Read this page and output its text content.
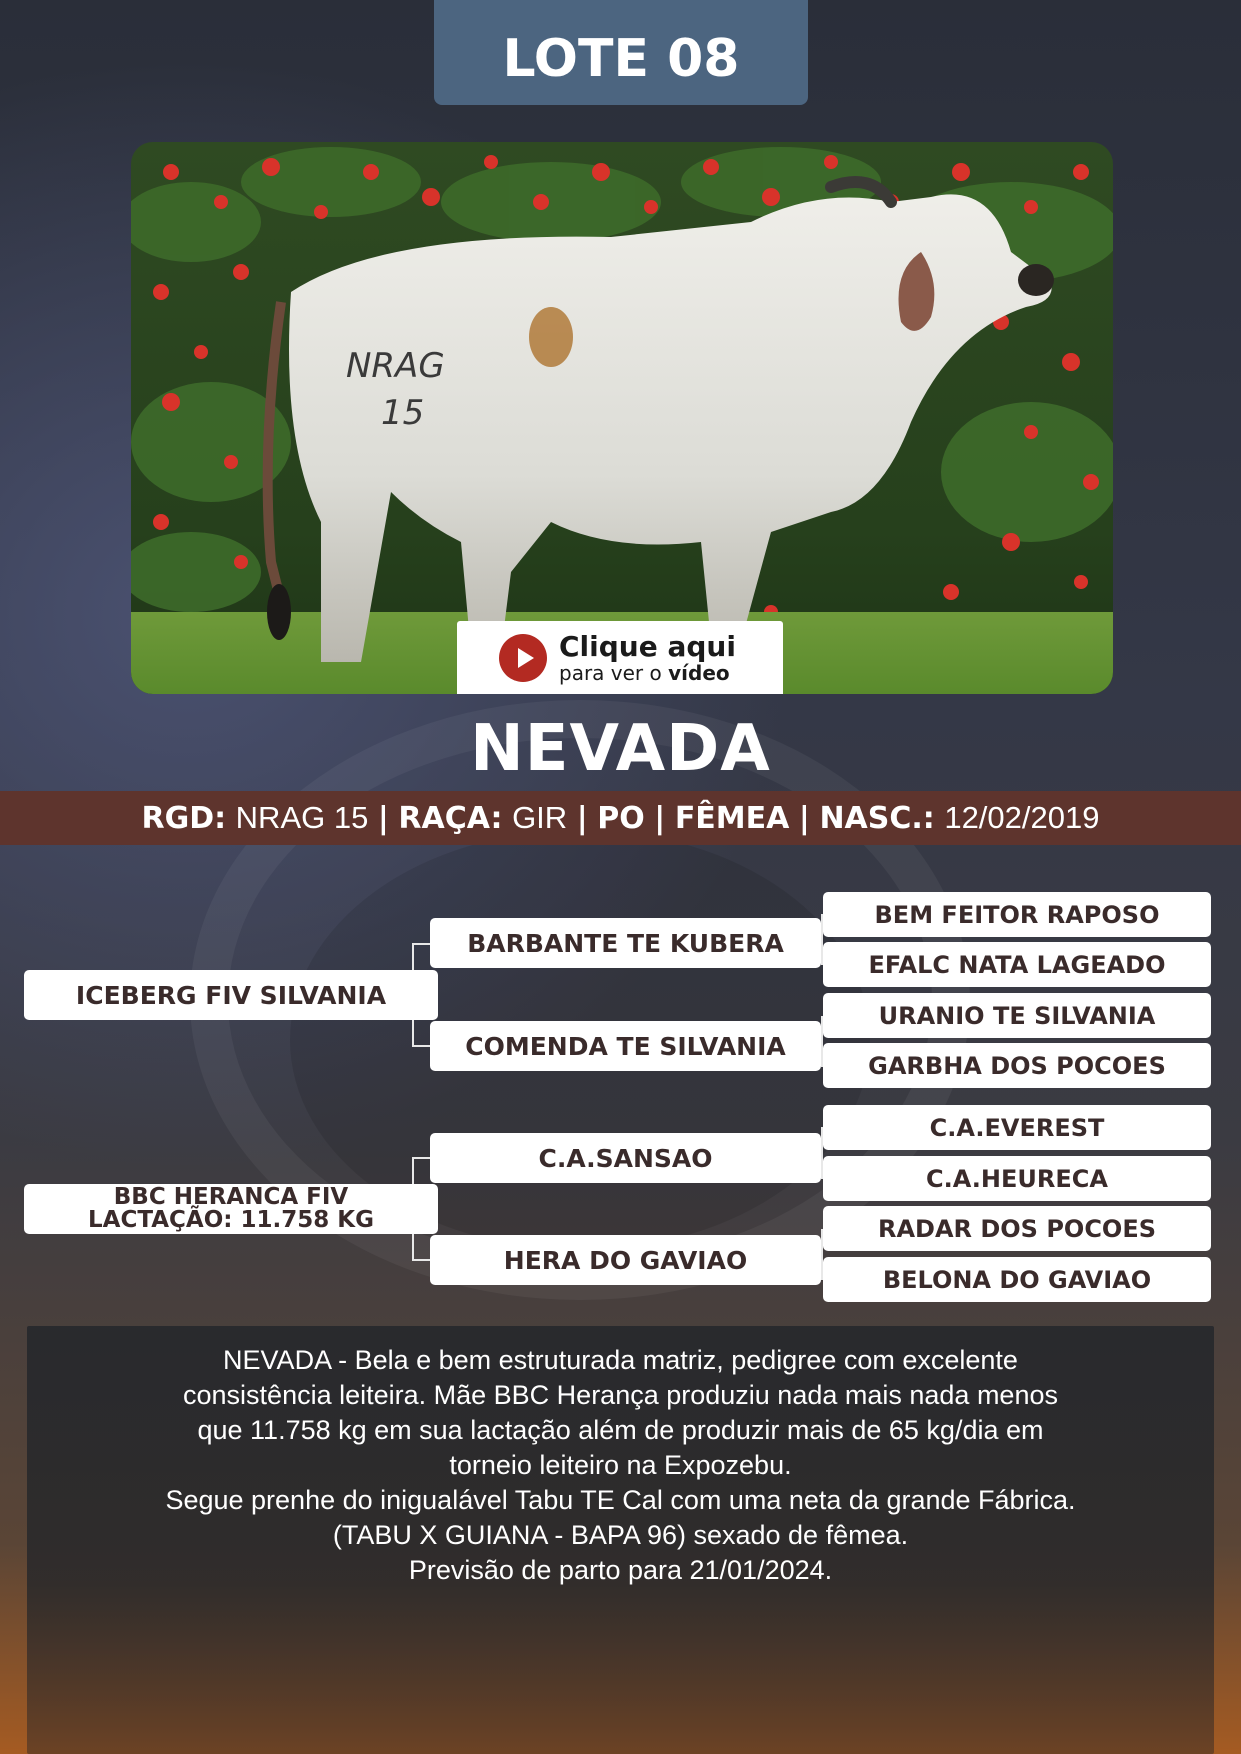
LOTE 08
NRAG
15
Clique aqui
para ver o vídeo
NEVADA
RGD:
NRAG 15
|
RAÇA:
GIR
|
PO
|
FÊMEA
|
NASC.:
12/02/2019
ICEBERG FIV SILVANIA
BBC HERANCA FIV
LACTAÇÃO: 11.758 KG
BARBANTE TE KUBERA
COMENDA TE SILVANIA
C.A.SANSAO
HERA DO GAVIAO
BEM FEITOR RAPOSO
EFALC NATA LAGEADO
URANIO TE SILVANIA
GARBHA DOS POCOES
C.A.EVEREST
C.A.HEURECA
RADAR DOS POCOES
BELONA DO GAVIAO
NEVADA - Bela e bem estruturada matriz, pedigree com excelente
consistência leiteira. Mãe BBC Herança produziu nada mais nada menos
que 11.758 kg em sua lactação além de produzir mais de 65 kg/dia em
torneio leiteiro na Expozebu.
Segue prenhe do inigualável Tabu TE Cal com uma neta da grande Fábrica.
(TABU X GUIANA - BAPA 96) sexado de fêmea.
Previsão de parto para 21/01/2024.
